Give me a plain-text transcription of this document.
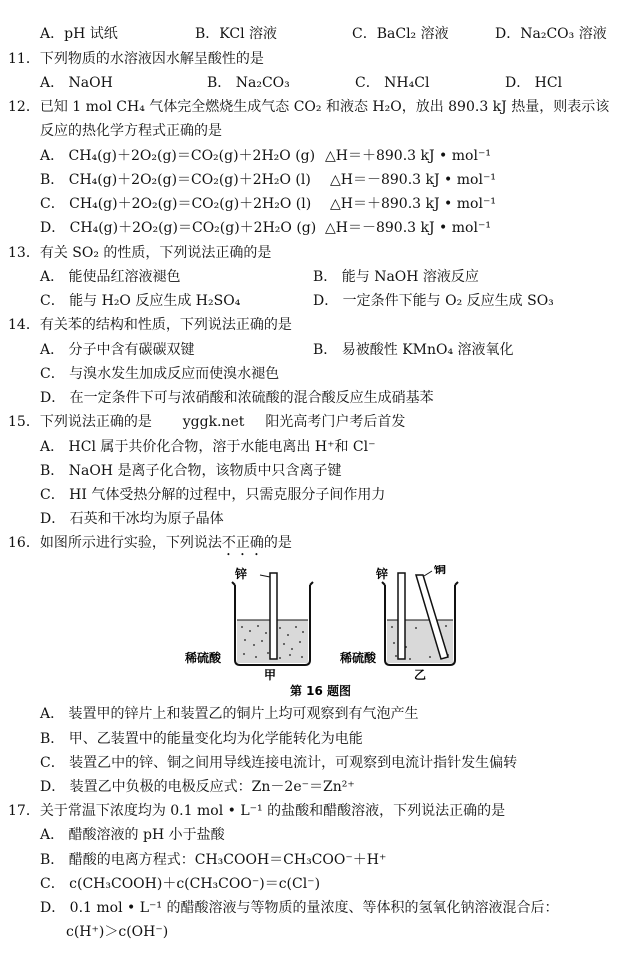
A．pH 试纸	B．KCl 溶液	C．BaCl₂ 溶液	D．Na₂CO₃ 溶液
11．下列物质的水溶液因水解呈酸性的是
A． NaOH	B． Na₂CO₃	C． NH₄Cl	D． HCl
12．已知 1 mol CH₄ 气体完全燃烧生成气态 CO₂ 和液态 H₂O，放出 890.3 kJ 热量，则表示该
反应的热化学方程式正确的是
A． CH₄(g)＋2O₂(g)＝CO₂(g)＋2H₂O (g) △H＝＋890.3 kJ • mol⁻¹
B． CH₄(g)＋2O₂(g)＝CO₂(g)＋2H₂O (l) △H＝－890.3 kJ • mol⁻¹
C． CH₄(g)＋2O₂(g)＝CO₂(g)＋2H₂O (l) △H＝＋890.3 kJ • mol⁻¹
D． CH₄(g)＋2O₂(g)＝CO₂(g)＋2H₂O (g) △H＝－890.3 kJ • mol⁻¹
13．有关 SO₂ 的性质，下列说法正确的是
A． 能使品红溶液褪色	B． 能与 NaOH 溶液反应
C． 能与 H₂O 反应生成 H₂SO₄	D． 一定条件下能与 O₂ 反应生成 SO₃
14．有关苯的结构和性质，下列说法正确的是
A． 分子中含有碳碳双键	B． 易被酸性 KMnO₄ 溶液氧化
C． 与溴水发生加成反应而使溴水褪色
D． 在一定条件下可与浓硝酸和浓硫酸的混合酸反应生成硝基苯
15．下列说法正确的是 yggk.net 阳光高考门户考后首发
A． HCl 属于共价化合物，溶于水能电离出 H⁺和 Cl⁻
B． NaOH 是离子化合物，该物质中只含离子键
C． HI 气体受热分解的过程中，只需克服分子间作用力
D． 石英和干冰均为原子晶体
16．如图所示进行实验，下列说法不正确的是
锌
稀硫酸
甲
锌	铜
稀硫酸
乙
第 16 题图
A． 装置甲的锌片上和装置乙的铜片上均可观察到有气泡产生
B． 甲、乙装置中的能量变化均为化学能转化为电能
C． 装置乙中的锌、铜之间用导线连接电流计，可观察到电流计指针发生偏转
D． 装置乙中负极的电极反应式：Zn－2e⁻＝Zn²⁺
17．关于常温下浓度均为 0.1 mol • L⁻¹ 的盐酸和醋酸溶液，下列说法正确的是
A． 醋酸溶液的 pH 小于盐酸
B． 醋酸的电离方程式：CH₃COOH＝CH₃COO⁻＋H⁺
C． c(CH₃COOH)＋c(CH₃COO⁻)＝c(Cl⁻)
D． 0.1 mol • L⁻¹ 的醋酸溶液与等物质的量浓度、等体积的氢氧化钠溶液混合后：
c(H⁺)＞c(OH⁻)
